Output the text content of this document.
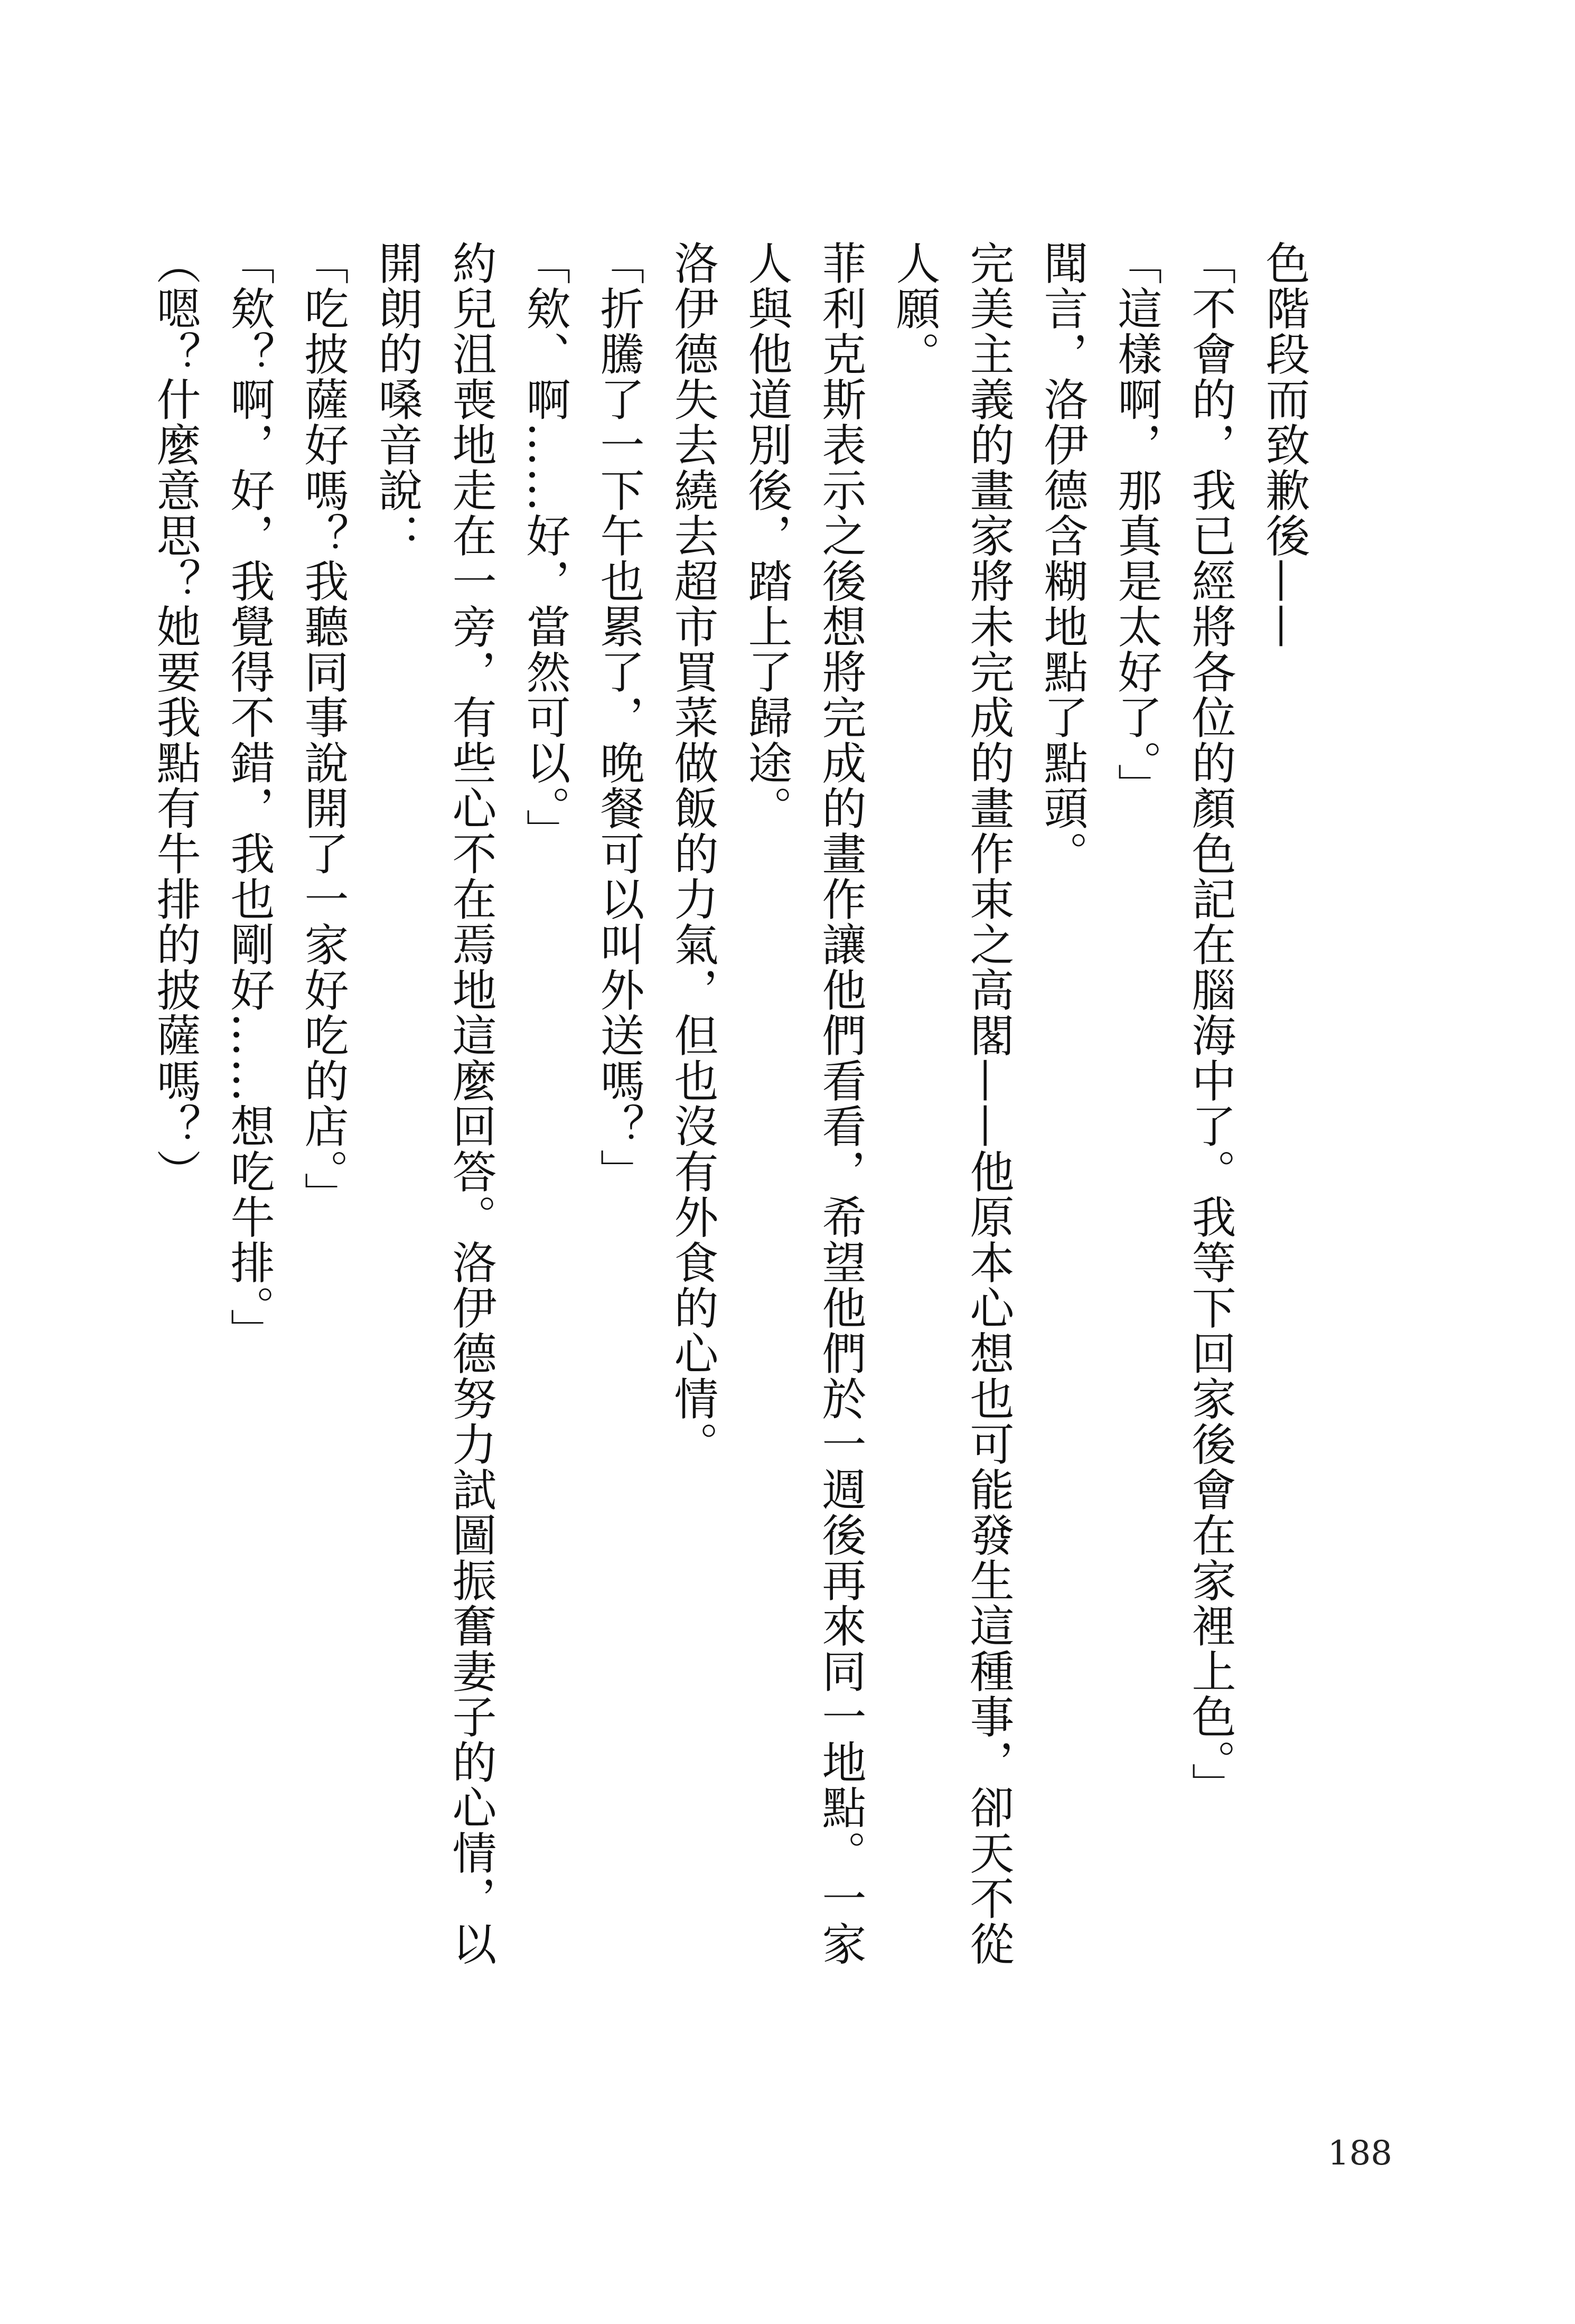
色階段而致歉後——
「不會的，我已經將各位的顏色記在腦海中了。我等下回家後會在家裡上色。」
「這樣啊，那真是太好了。」
聞言，洛伊德含糊地點了點頭。
完美主義的畫家將未完成的畫作束之高閣——他原本心想也可能發生這種事，卻天不從
人願。
菲利克斯表示之後想將完成的畫作讓他們看看，希望他們於一週後再來同一地點。一家
人與他道別後，踏上了歸途。
洛伊德失去繞去超市買菜做飯的力氣，但也沒有外食的心情。
「折騰了一下午也累了，晚餐可以叫外送嗎？」
「欸、啊……好，當然可以。」
約兒沮喪地走在一旁，有些心不在焉地這麼回答。洛伊德努力試圖振奮妻子的心情，以
開朗的嗓音說：
「吃披薩好嗎？我聽同事說開了一家好吃的店。」
「欸？啊，好，我覺得不錯，我也剛好……想吃牛排。」
（嗯？什麼意思？她要我點有牛排的披薩嗎？）
188
